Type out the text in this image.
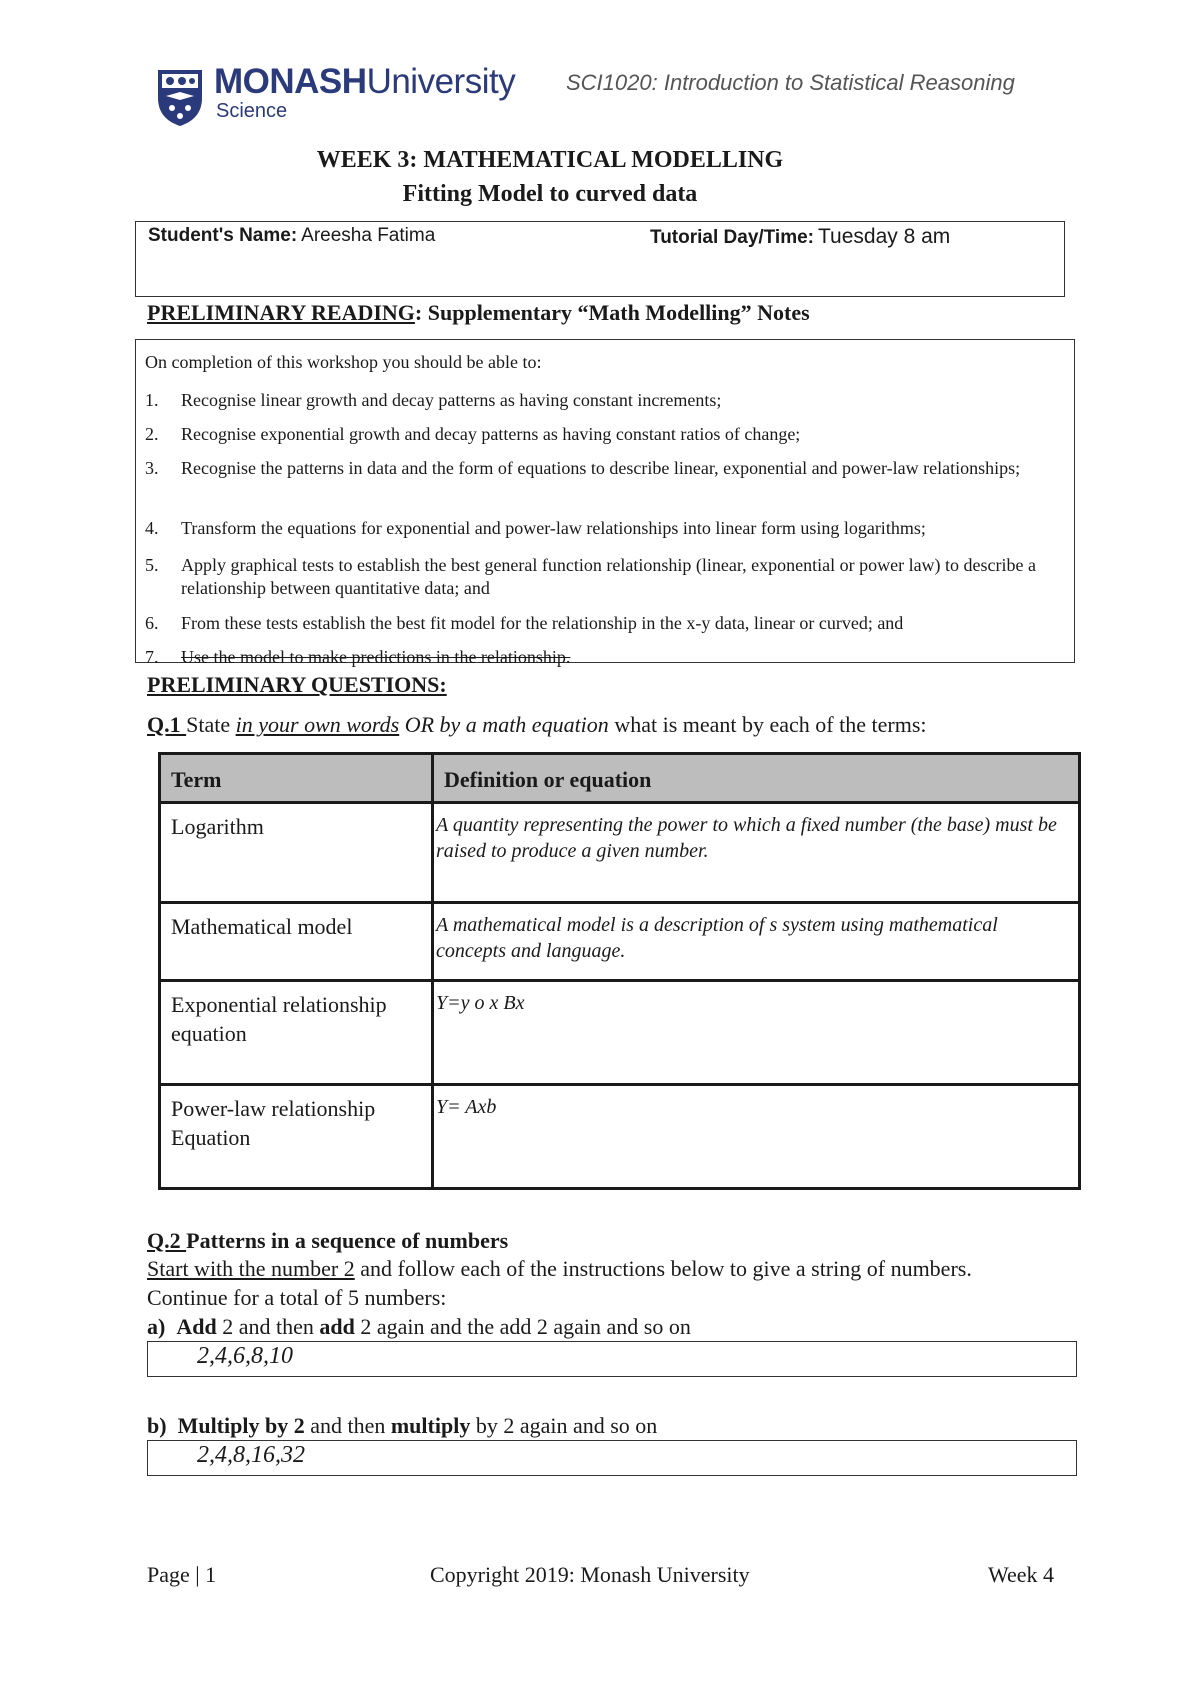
MONASHUniversity
Science
SCI1020: Introduction to Statistical Reasoning
WEEK 3: MATHEMATICAL MODELLING
Fitting Model to curved data
Student's Name: Areesha Fatima	Tutorial Day/Time: Tuesday 8 am
PRELIMINARY READING: Supplementary “Math Modelling” Notes
On completion of this workshop you should be able to:
1. Recognise linear growth and decay patterns as having constant increments;
2. Recognise exponential growth and decay patterns as having constant ratios of change;
3. Recognise the patterns in data and the form of equations to describe linear, exponential and power-law relationships;
4. Transform the equations for exponential and power-law relationships into linear form using logarithms;
5. Apply graphical tests to establish the best general function relationship (linear, exponential or power law) to describe a relationship between quantitative data; and
6. From these tests establish the best fit model for the relationship in the x-y data, linear or curved; and
7. Use the model to make predictions in the relationship.
PRELIMINARY QUESTIONS:
Q.1 State in your own words OR by a math equation what is meant by each of the terms:
Term	Definition or equation
Logarithm	A quantity representing the power to which a fixed number (the base) must be raised to produce a given number.
Mathematical model	A mathematical model is a description of s system using mathematical concepts and language.
Exponential relationship equation	Y=y o x Bx
Power-law relationship Equation	Y= Axb
Q.2 Patterns in a sequence of numbers
Start with the number 2 and follow each of the instructions below to give a string of numbers.
Continue for a total of 5 numbers:
a) Add 2 and then add 2 again and the add 2 again and so on
2,4,6,8,10
b) Multiply by 2 and then multiply by 2 again and so on
2,4,8,16,32
Page | 1	Copyright 2019: Monash University	Week 4
